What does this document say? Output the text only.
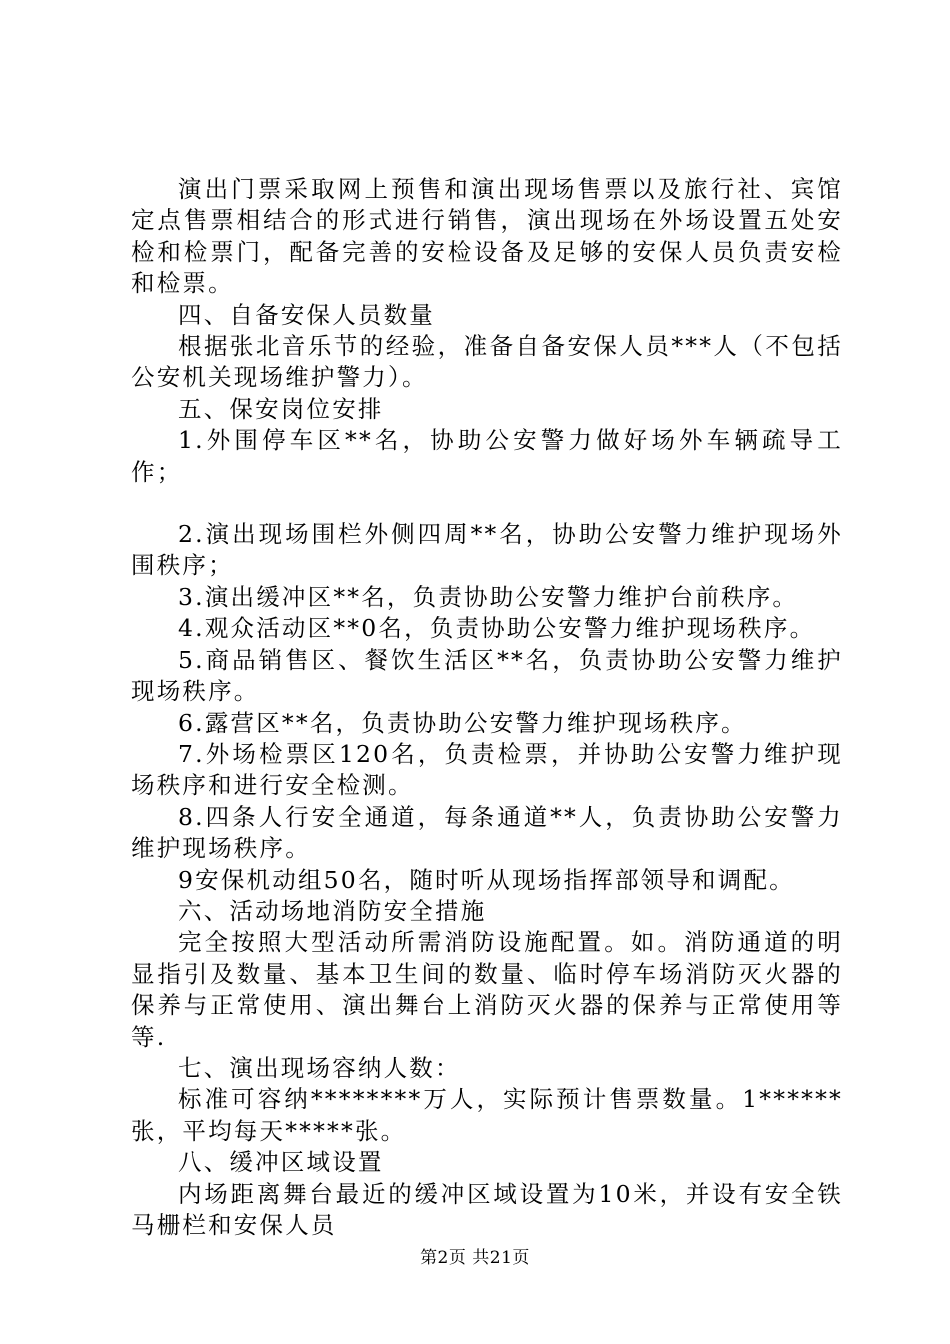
演出门票采取网上预售和演出现场售票以及旅行社、宾馆定点售票相结合的形式进行销售，演出现场在外场设置五处安检和检票门，配备完善的安检设备及足够的安保人员负责安检和检票。

四、自备安保人员数量

根据张北音乐节的经验，准备自备安保人员***人（不包括公安机关现场维护警力）。

五、保安岗位安排

1.外围停车区**名，协助公安警力做好场外车辆疏导工作；

2.演出现场围栏外侧四周**名，协助公安警力维护现场外围秩序；

3.演出缓冲区**名，负责协助公安警力维护台前秩序。

4.观众活动区**0名，负责协助公安警力维护现场秩序。

5.商品销售区、餐饮生活区**名，负责协助公安警力维护现场秩序。

6.露营区**名，负责协助公安警力维护现场秩序。

7.外场检票区120名，负责检票，并协助公安警力维护现场秩序和进行安全检测。

8.四条人行安全通道，每条通道**人，负责协助公安警力维护现场秩序。

9安保机动组50名，随时听从现场指挥部领导和调配。

六、活动场地消防安全措施

完全按照大型活动所需消防设施配置。如。消防通道的明显指引及数量、基本卫生间的数量、临时停车场消防灭火器的保养与正常使用、演出舞台上消防灭火器的保养与正常使用等等.

七、演出现场容纳人数：

标准可容纳********万人，实际预计售票数量。1******张，平均每天*****张。

八、缓冲区域设置

内场距离舞台最近的缓冲区域设置为10米，并设有安全铁马栅栏和安保人员

第2页 共21页
